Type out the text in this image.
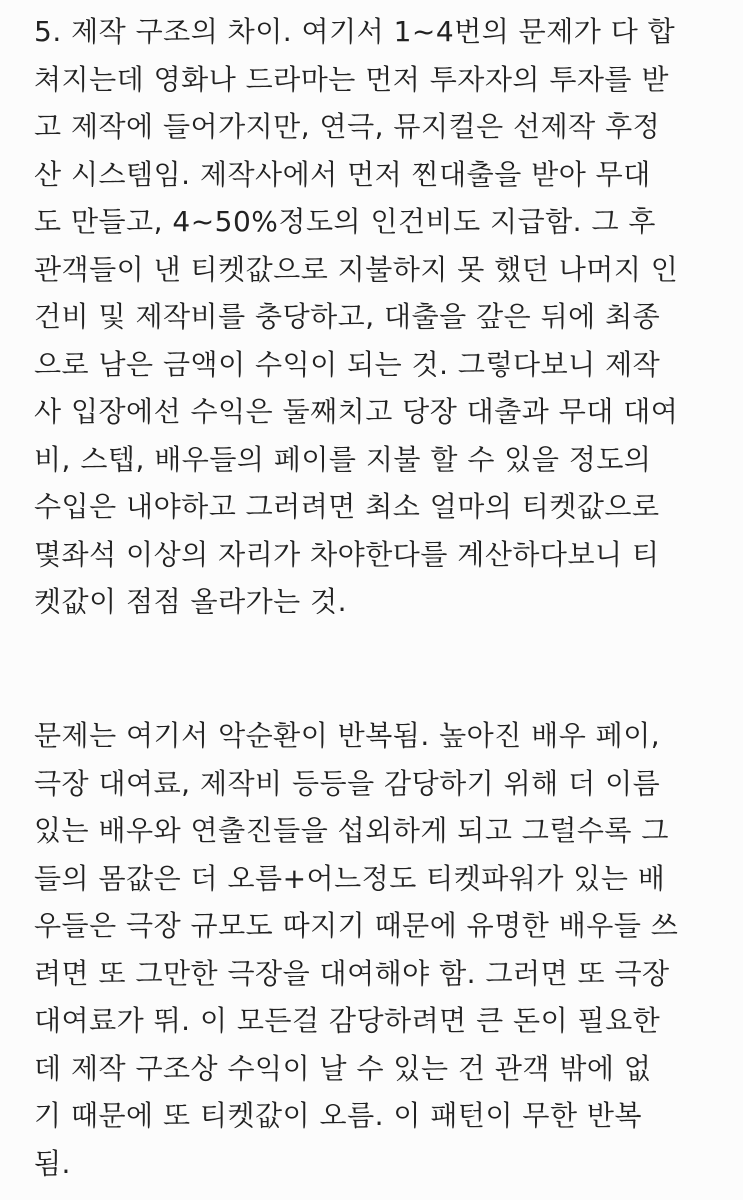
5. 제작 구조의 차이. 여기서 1~4번의 문제가 다 합
쳐지는데 영화나 드라마는 먼저 투자자의 투자를 받
고 제작에 들어가지만, 연극, 뮤지컬은 선제작 후정
산 시스템임. 제작사에서 먼저 찐대출을 받아 무대
도 만들고, 4~50%정도의 인건비도 지급함. 그 후
관객들이 낸 티켓값으로 지불하지 못 했던 나머지 인
건비 및 제작비를 충당하고, 대출을 갚은 뒤에 최종
으로 남은 금액이 수익이 되는 것. 그렇다보니 제작
사 입장에선 수익은 둘째치고 당장 대출과 무대 대여
비, 스텝, 배우들의 페이를 지불 할 수 있을 정도의
수입은 내야하고 그러려면 최소 얼마의 티켓값으로
몇좌석 이상의 자리가 차야한다를 계산하다보니 티
켓값이 점점 올라가는 것.
문제는 여기서 악순환이 반복됨. 높아진 배우 페이,
극장 대여료, 제작비 등등을 감당하기 위해 더 이름
있는 배우와 연출진들을 섭외하게 되고 그럴수록 그
들의 몸값은 더 오름+어느정도 티켓파워가 있는 배
우들은 극장 규모도 따지기 때문에 유명한 배우들 쓰
려면 또 그만한 극장을 대여해야 함. 그러면 또 극장
대여료가 뛰. 이 모든걸 감당하려면 큰 돈이 필요한
데 제작 구조상 수익이 날 수 있는 건 관객 밖에 없
기 때문에 또 티켓값이 오름. 이 패턴이 무한 반복
됨.
